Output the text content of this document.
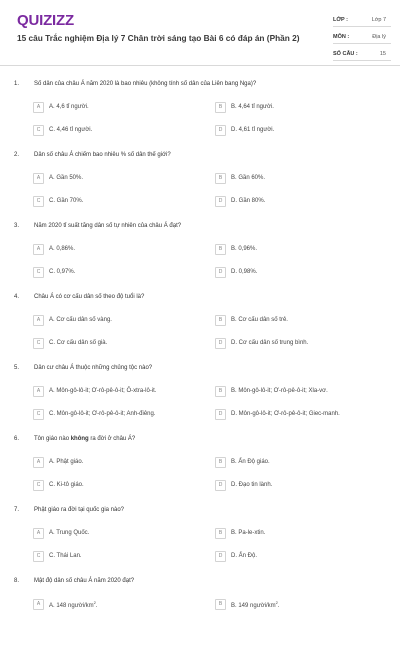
QUIZIZZ
15 câu Trắc nghiệm Địa lý 7 Chân trời sáng tạo Bài 6 có đáp án (Phần 2)
LỚP :	Lớp 7
MÔN :	Địa lý
SỐ CÂU :	15
1.	Số dân của châu Á năm 2020 là bao nhiêu (không tính số dân của Liên bang Nga)?
A	A. 4,6 tỉ người.	B	B. 4,64 tỉ người.
C	C. 4,46 tỉ người.	D	D. 4,61 tỉ người.
2.	Dân số châu Á chiếm bao nhiêu % số dân thế giới?
A	A. Gần 50%.	B	B. Gần 60%.
C	C. Gần 70%.	D	D. Gần 80%.
3.	Năm 2020 tỉ suất tăng dân số tự nhiên của châu Á đạt?
A	A. 0,86%.	B	B. 0,96%.
C	C. 0,97%.	D	D. 0,98%.
4.	Châu Á có cơ cấu dân số theo độ tuổi là?
A	A. Cơ cấu dân số vàng.	B	B. Cơ cấu dân số trẻ.
C	C. Cơ cấu dân số già.	D	D. Cơ cấu dân số trung bình.
5.	Dân cư châu Á thuộc những chủng tộc nào?
A	A. Môn-gô-lô-it; Ơ-rô-pê-ô-it; Ô-xtra-lô-it.	B	B. Môn-gô-lô-it; Ơ-rô-pê-ô-it; Xla-vơ.
C	C. Môn-gô-lô-it; Ơ-rô-pê-ô-it; Anh-điêng.	D	D. Môn-gô-lô-it; Ơ-rô-pê-ô-it; Giec-manh.
6.	Tôn giáo nào không ra đời ở châu Á?
A	A. Phật giáo.	B	B. Ấn Độ giáo.
C	C. Ki-tô giáo.	D	D. Đạo tin lành.
7.	Phật giáo ra đời tại quốc gia nào?
A	A. Trung Quốc.	B	B. Pa-le-xtin.
C	C. Thái Lan.	D	D. Ấn Độ.
8.	Mật độ dân số châu Á năm 2020 đạt?
A	A. 148 người/$km^2$.	B	B. 149 người/$km^2$.
